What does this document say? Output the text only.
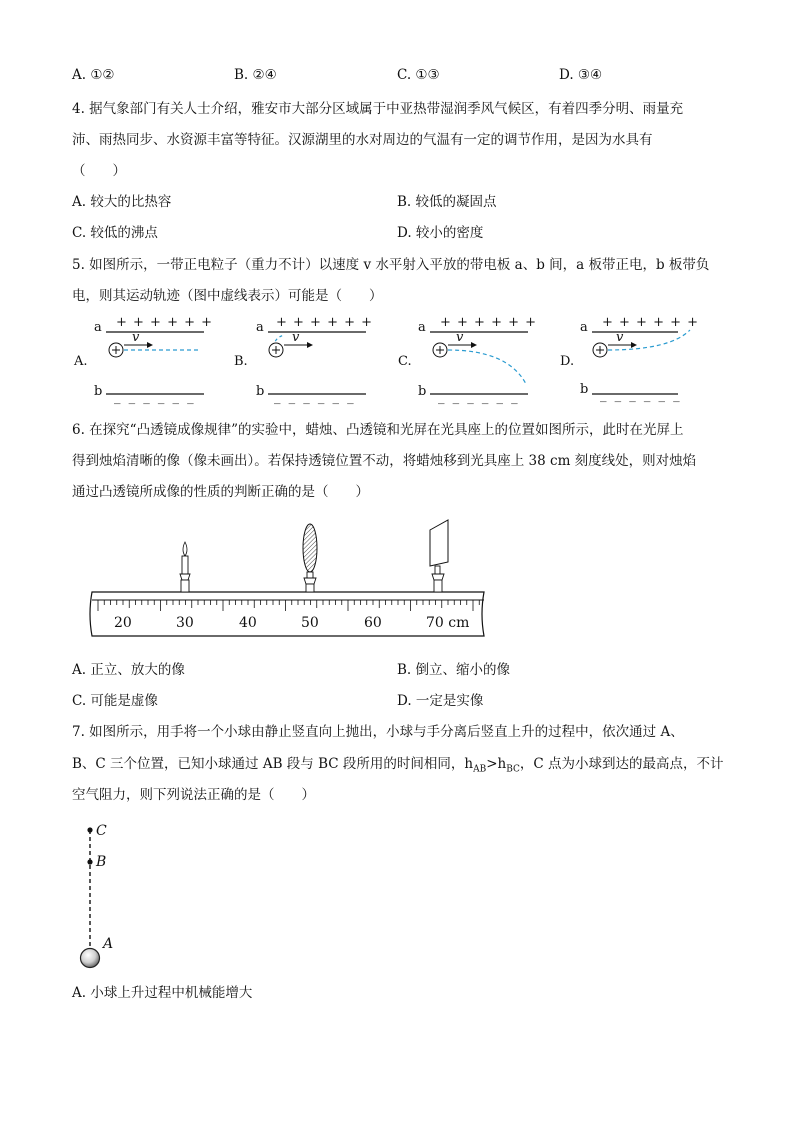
A. ①②	B. ②④	C. ①③	D. ③④
4. 据气象部门有关人士介绍，雅安市大部分区域属于中亚热带湿润季风气候区，有着四季分明、雨量充
沛、雨热同步、水资源丰富等特征。汉源湖里的水对周边的气温有一定的调节作用，是因为水具有
（　　）
A. 较大的比热容	B. 较低的凝固点
C. 较低的沸点	D. 较小的密度
5. 如图所示，一带正电粒子（重力不计）以速度 v 水平射入平放的带电板 a、b 间，a 板带正电，b 板带负
电，则其运动轨迹（图中虚线表示）可能是（　　）
a + + + + + +
v
A.
b _ _ _ _ _ _
a + + + + + +
v
B.
b _ _ _ _ _ _
a + + + + + +
v
C.
b _ _ _ _ _ _
a + + + + + +
v
D.
b _ _ _ _ _ _
6. 在探究“凸透镜成像规律”的实验中，蜡烛、凸透镜和光屏在光具座上的位置如图所示，此时在光屏上
得到烛焰清晰的像（像未画出）。若保持透镜位置不动，将蜡烛移到光具座上 38 cm 刻度线处，则对烛焰
通过凸透镜所成像的性质的判断正确的是（　　）
20	30	40	50	60	70 cm
A. 正立、放大的像	B. 倒立、缩小的像
C. 可能是虚像	D. 一定是实像
7. 如图所示，用手将一个小球由静止竖直向上抛出，小球与手分离后竖直上升的过程中，依次通过 A、
B、C 三个位置，已知小球通过 AB 段与 BC 段所用的时间相同，$h_{AB}>h_{BC}$，C 点为小球到达的最高点，不计
空气阻力，则下列说法正确的是（　　）
C
B
A
A. 小球上升过程中机械能增大
